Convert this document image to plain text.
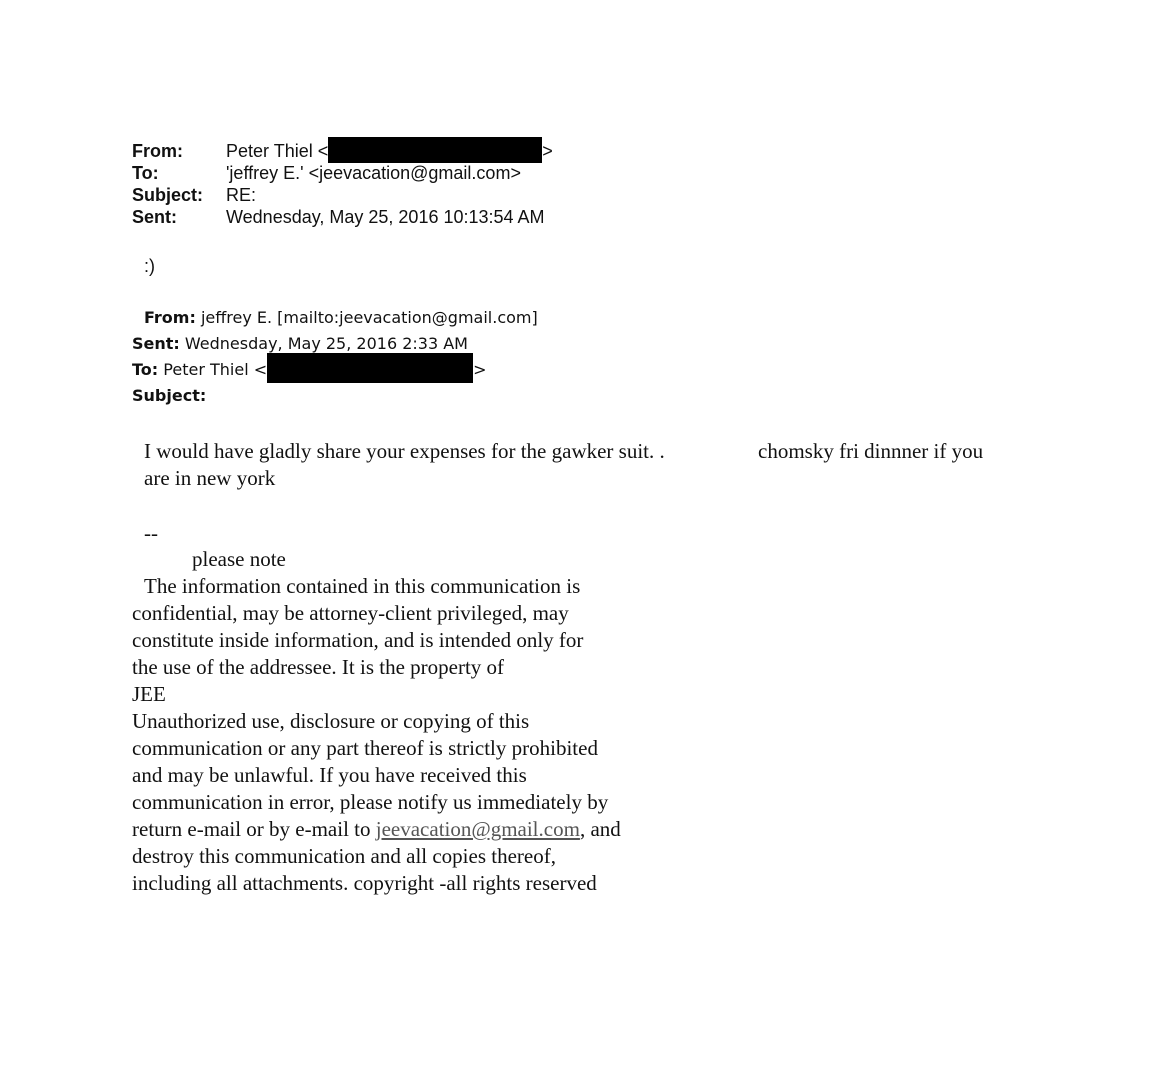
From: Peter Thiel <	>
To:	'jeffrey E.' <jeevacation@gmail.com>
Subject: RE:
Sent:	Wednesday, May 25, 2016 10:13:54 AM
:)
From: jeffrey E. [mailto:jeevacation@gmail.com]
Sent: Wednesday, May 25, 2016 2:33 AM
To: Peter Thiel <	>
Subject:
I would have gladly share your expenses for the gawker suit. .	chomsky fri dinnner if you
are in new york
--
please note
The information contained in this communication is
confidential, may be attorney-client privileged, may
constitute inside information, and is intended only for
the use of the addressee. It is the property of
JEE
Unauthorized use, disclosure or copying of this
communication or any part thereof is strictly prohibited
and may be unlawful. If you have received this
communication in error, please notify us immediately by
return e-mail or by e-mail to jeevacation@gmail.com, and
destroy this communication and all copies thereof,
including all attachments. copyright -all rights reserved
